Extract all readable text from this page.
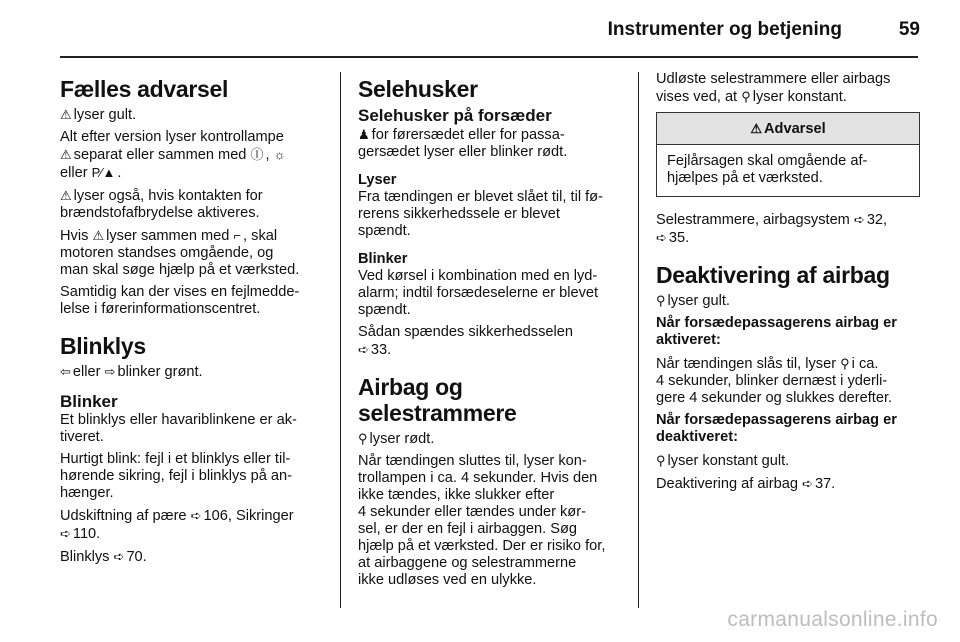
Instrumenter og betjening	59
Fælles advarsel

⚠ lyser gult.

Alt efter version lyser kontrollampe
⚠ separat eller sammen med Ⓘ , ☼
eller P⁄▲ .

⚠ lyser også, hvis kontakten for
brændstofafbrydelse aktiveres.

Hvis ⚠ lyser sammen med ⌐ , skal
motoren standses omgående, og
man skal søge hjælp på et værksted.

Samtidig kan der vises en fejlmedde-
lelse i førerinformationscentret.

Blinklys

⇦ eller ⇨ blinker grønt.

Blinker

Et blinklys eller havariblinkene er ak-
tiveret.

Hurtigt blink: fejl i et blinklys eller til-
hørende sikring, fejl i blinklys på an-
hænger.

Udskiftning af pære ➪ 106, Sikringer
➪ 110.

Blinklys ➪ 70.

Selehusker
Selehusker på forsæder

♟ for førersædet eller for passa-
gersædet lyser eller blinker rødt.

Lyser

Fra tændingen er blevet slået til, til fø-
rerens sikkerhedssele er blevet
spændt.

Blinker

Ved kørsel i kombination med en lyd-
alarm; indtil forsædeselerne er blevet
spændt.

Sådan spændes sikkerhedsselen
➪ 33.

Airbag og selestrammere

⚲ lyser rødt.

Når tændingen sluttes til, lyser kon-
trollampen i ca. 4 sekunder. Hvis den
ikke tændes, ikke slukker efter
4 sekunder eller tændes under kør-
sel, er der en fejl i airbaggen. Søg
hjælp på et værksted. Der er risiko for,
at airbaggene og selestrammerne
ikke udløses ved en ulykke.

Udløste selestrammere eller airbags
vises ved, at ⚲ lyser konstant.

⚠ Advarsel
Fejlårsagen skal omgående af-
hjælpes på et værksted.

Selestrammere, airbagsystem ➪ 32,
➪ 35.

Deaktivering af airbag

⚲ lyser gult.

Når forsædepassagerens airbag er
aktiveret:

Når tændingen slås til, lyser ⚲ i ca.
4 sekunder, blinker dernæst i yderli-
gere 4 sekunder og slukkes derefter.

Når forsædepassagerens airbag er
deaktiveret:

⚲ lyser konstant gult.

Deaktivering af airbag ➪ 37.

carmanualsonline.info
